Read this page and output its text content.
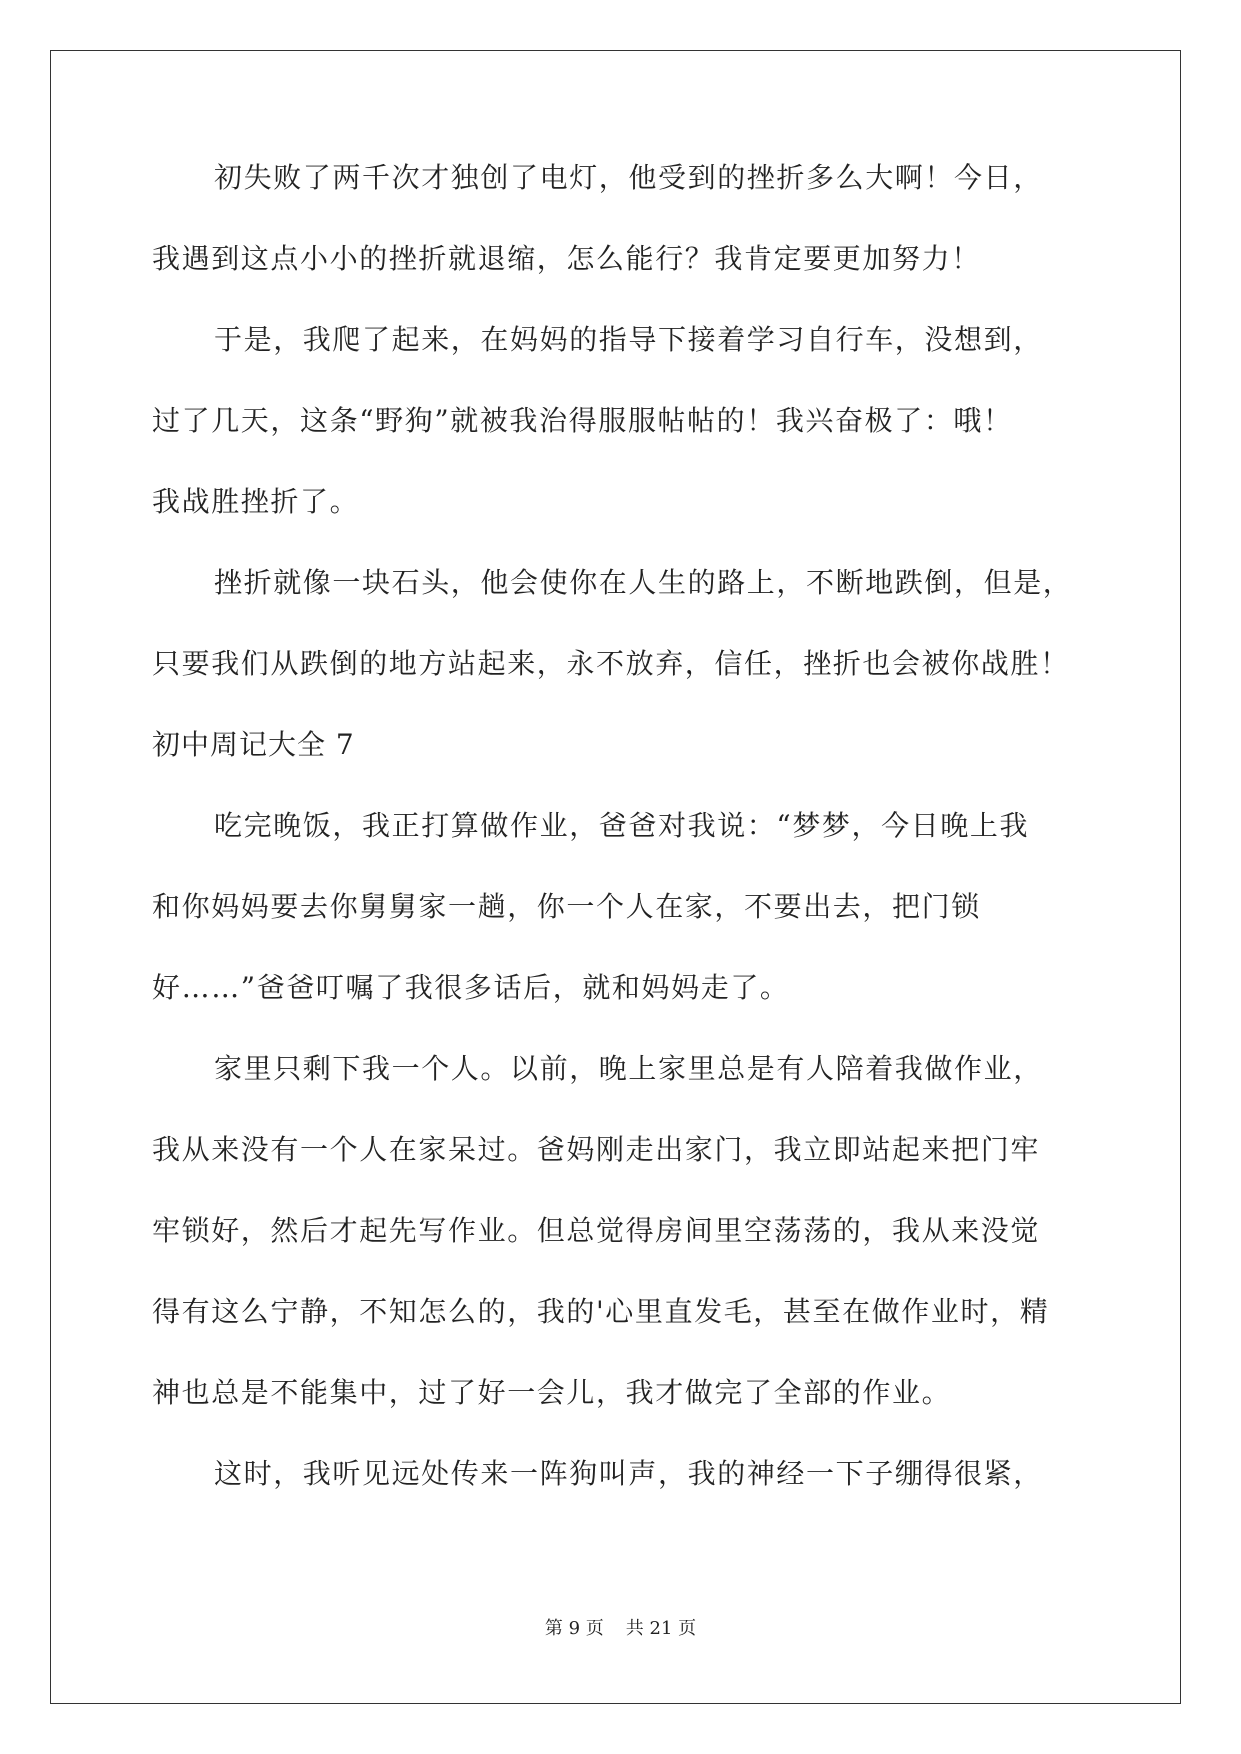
初失败了两千次才独创了电灯，他受到的挫折多么大啊！今日，
我遇到这点小小的挫折就退缩，怎么能行？我肯定要更加努力！
于是，我爬了起来，在妈妈的指导下接着学习自行车，没想到，
过了几天，这条“野狗”就被我治得服服帖帖的！我兴奋极了：哦！
我战胜挫折了。
挫折就像一块石头，他会使你在人生的路上，不断地跌倒，但是，
只要我们从跌倒的地方站起来，永不放弃，信任，挫折也会被你战胜！
初中周记大全 7
吃完晚饭，我正打算做作业，爸爸对我说：“梦梦，今日晚上我
和你妈妈要去你舅舅家一趟，你一个人在家，不要出去，把门锁
好……”爸爸叮嘱了我很多话后，就和妈妈走了。
家里只剩下我一个人。以前，晚上家里总是有人陪着我做作业，
我从来没有一个人在家呆过。爸妈刚走出家门，我立即站起来把门牢
牢锁好，然后才起先写作业。但总觉得房间里空荡荡的，我从来没觉
得有这么宁静，不知怎么的，我的'心里直发毛，甚至在做作业时，精
神也总是不能集中，过了好一会儿，我才做完了全部的作业。
这时，我听见远处传来一阵狗叫声，我的神经一下子绷得很紧，
第 9 页 共 21 页
